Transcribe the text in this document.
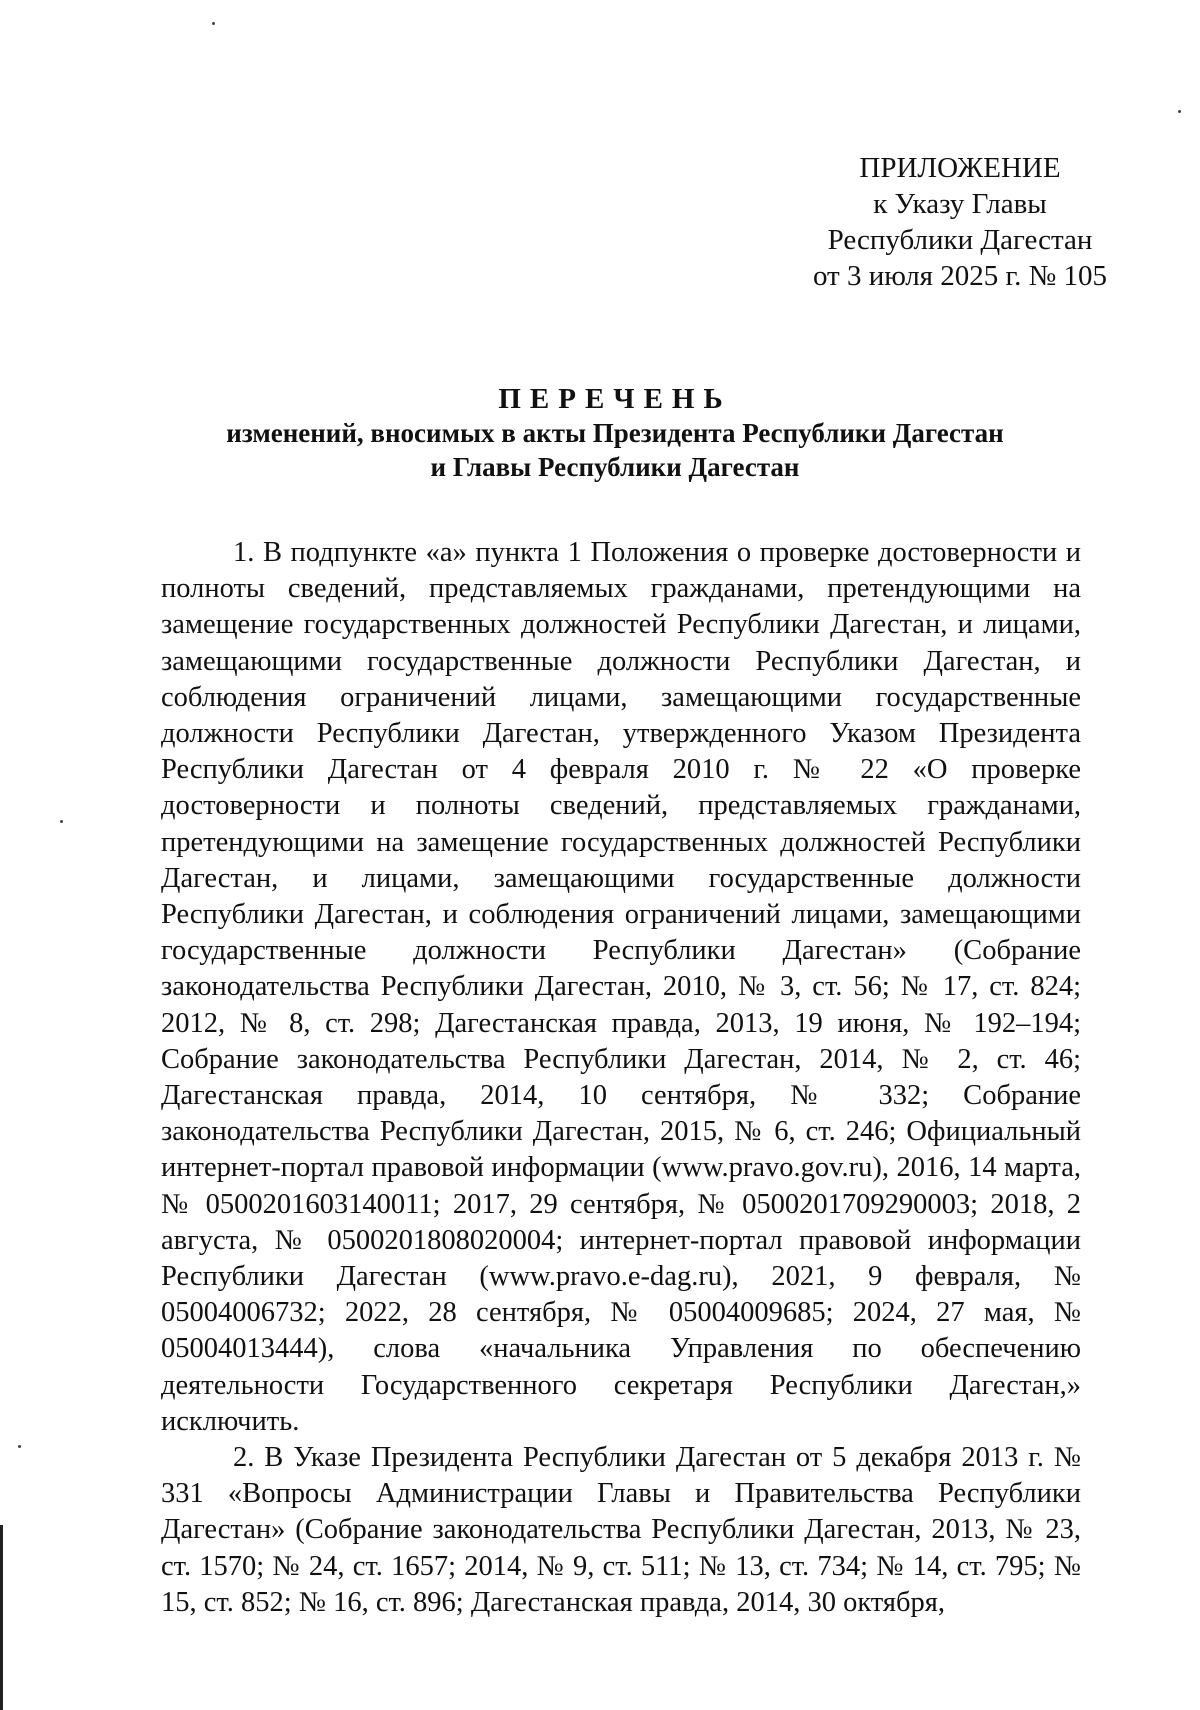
ПРИЛОЖЕНИЕ
к Указу Главы
Республики Дагестан
от 3 июля 2025 г. № 105
ПЕРЕЧЕНЬ
изменений, вносимых в акты Президента Республики Дагестан
и Главы Республики Дагестан

1. В подпункте «а» пункта 1 Положения о проверке достоверности и полноты сведений, представляемых гражданами, претендующими на замещение государственных должностей Республики Дагестан, и лицами, замещающими государственные должности Республики Дагестан, и соблюдения ограничений лицами, замещающими государственные должности Республики Дагестан, утвержденного Указом Президента Республики Дагестан от 4 февраля 2010 г. № 22 «О проверке достоверности и полноты сведений, представляемых гражданами, претендующими на замещение государственных должностей Республики Дагестан, и лицами, замещающими государственные должности Республики Дагестан, и соблюдения ограничений лицами, замещающими государственные должности Республики Дагестан» (Собрание законодательства Республики Дагестан, 2010, № 3, ст. 56; № 17, ст. 824; 2012, № 8, ст. 298; Дагестанская правда, 2013, 19 июня, № 192–194; Собрание законодательства Республики Дагестан, 2014, № 2, ст. 46; Дагестанская правда, 2014, 10 сентября, № 332; Собрание законодательства Республики Дагестан, 2015, № 6, ст. 246; Официальный интернет-портал правовой информации (www.pravo.gov.ru), 2016, 14 марта, № 0500201603140011; 2017, 29 сентября, № 0500201709290003; 2018, 2 августа, № 0500201808020004; интернет-портал правовой информации Республики Дагестан (www.pravo.e-dag.ru), 2021, 9 февраля, № 05004006732; 2022, 28 сентября, № 05004009685; 2024, 27 мая, № 05004013444), слова «начальника Управления по обеспечению деятельности Государственного секретаря Республики Дагестан,» исключить.

2. В Указе Президента Республики Дагестан от 5 декабря 2013 г. № 331 «Вопросы Администрации Главы и Правительства Республики Дагестан» (Собрание законодательства Республики Дагестан, 2013, № 23, ст. 1570; № 24, ст. 1657; 2014, № 9, ст. 511; № 13, ст. 734; № 14, ст. 795; № 15, ст. 852; № 16, ст. 896; Дагестанская правда, 2014, 30 октября,
